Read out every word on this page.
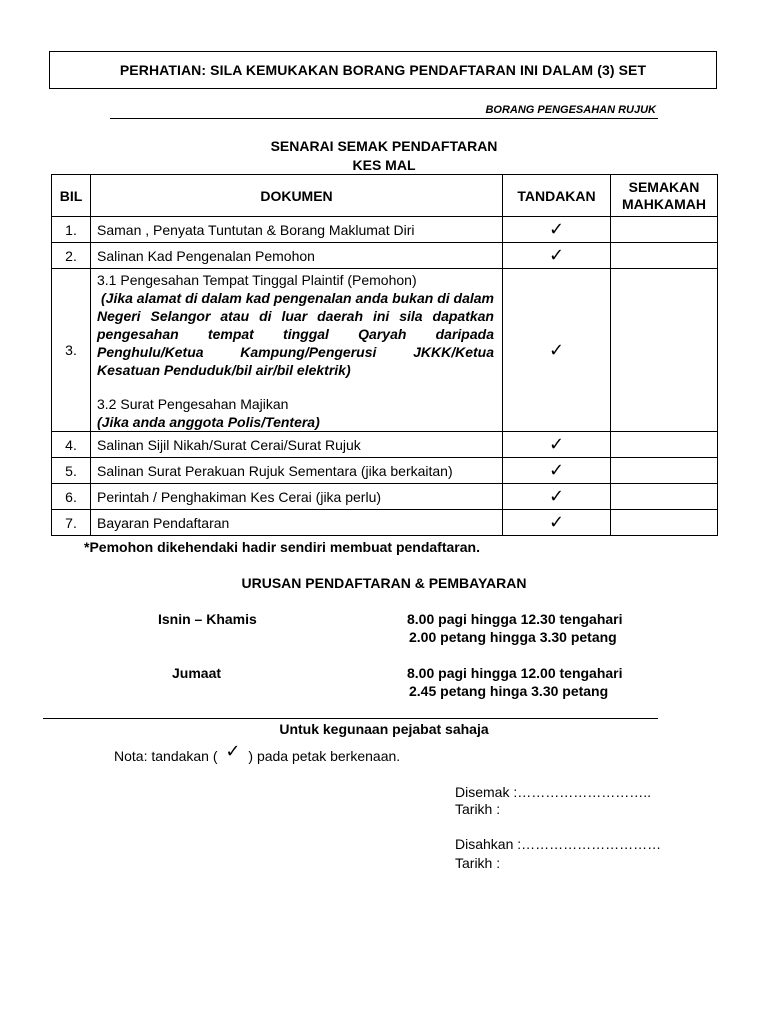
PERHATIAN: SILA KEMUKAKAN BORANG PENDAFTARAN INI DALAM (3) SET
BORANG PENGESAHAN RUJUK
SENARAI SEMAK PENDAFTARAN
KES MAL
BIL	DOKUMEN	TANDAKAN	SEMAKAN MAHKAMAH
1.	Saman , Penyata Tuntutan & Borang Maklumat Diri	✓	
2.	Salinan Kad Pengenalan Pemohon	✓	
3.	3.1 Pengesahan Tempat Tinggal Plaintif (Pemohon)
(Jika alamat di dalam kad pengenalan anda bukan di dalam Negeri Selangor atau di luar daerah ini sila dapatkan pengesahan tempat tinggal Qaryah daripada Penghulu/Ketua Kampung/Pengerusi JKKK/Ketua Kesatuan Penduduk/bil air/bil elektrik)
3.2 Surat Pengesahan Majikan
(Jika anda anggota Polis/Tentera)	✓	
4.	Salinan Sijil Nikah/Surat Cerai/Surat Rujuk	✓	
5.	Salinan Surat Perakuan Rujuk Sementara (jika berkaitan)	✓	
6.	Perintah / Penghakiman Kes Cerai (jika perlu)	✓	
7.	Bayaran Pendaftaran	✓	
*Pemohon dikehendaki hadir sendiri membuat pendaftaran.
URUSAN PENDAFTARAN & PEMBAYARAN
Isnin – Khamis	8.00 pagi hingga 12.30 tengahari
2.00 petang hingga 3.30 petang
Jumaat	8.00 pagi hingga 12.00 tengahari
2.45 petang hinga 3.30 petang
Untuk kegunaan pejabat sahaja
Nota: tandakan ( ✓ ) pada petak berkenaan.
Disemak :………………………..
Tarikh :
Disahkan :…………………………
Tarikh :
